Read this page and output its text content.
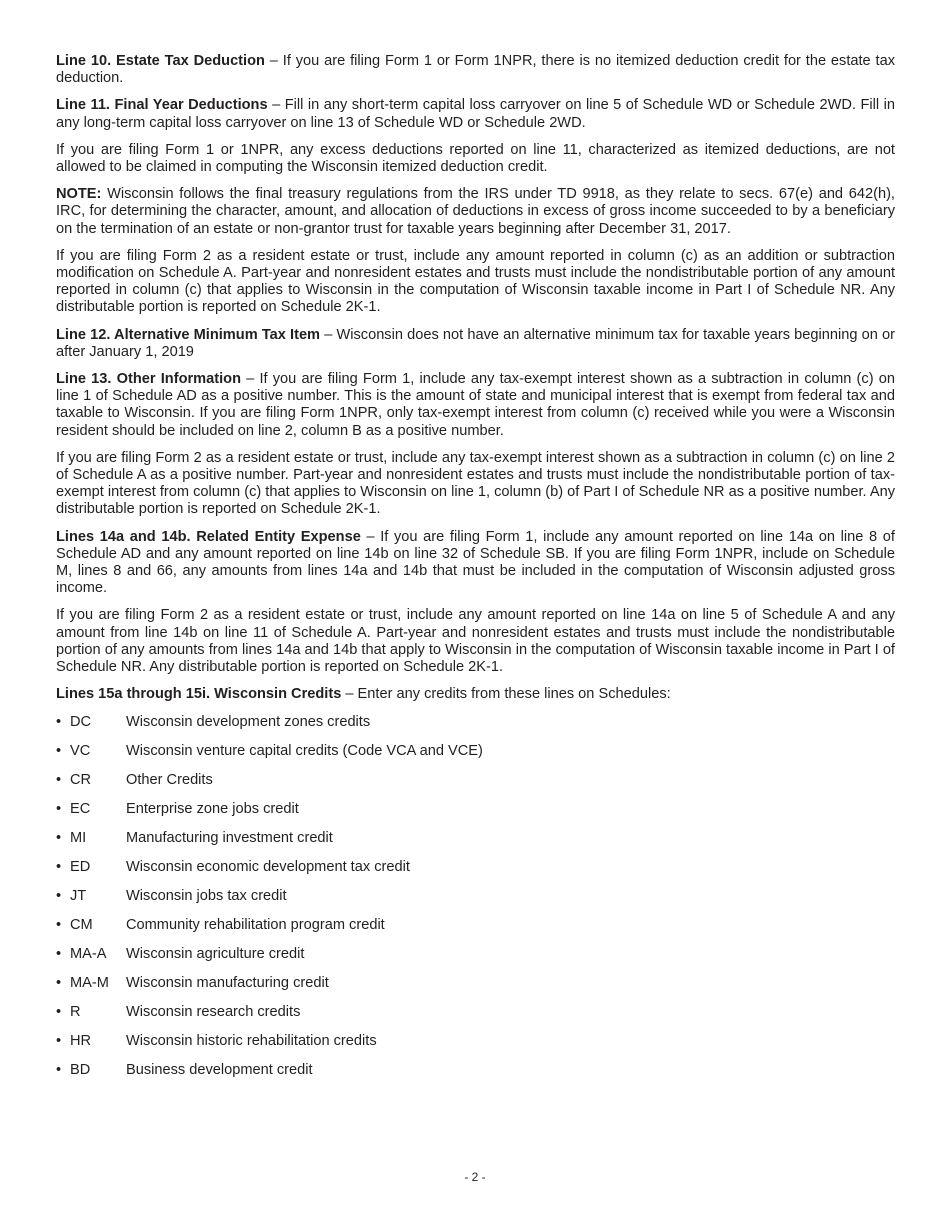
Line 10. Estate Tax Deduction – If you are filing Form 1 or Form 1NPR, there is no itemized deduction credit for the estate tax deduction.

Line 11. Final Year Deductions – Fill in any short-term capital loss carryover on line 5 of Schedule WD or Schedule 2WD. Fill in any long-term capital loss carryover on line 13 of Schedule WD or Schedule 2WD.

If you are filing Form 1 or 1NPR, any excess deductions reported on line 11, characterized as itemized deductions, are not allowed to be claimed in computing the Wisconsin itemized deduction credit.

NOTE: Wisconsin follows the final treasury regulations from the IRS under TD 9918, as they relate to secs. 67(e) and 642(h), IRC, for determining the character, amount, and allocation of deductions in excess of gross income succeeded to by a beneficiary on the termination of an estate or non-grantor trust for taxable years beginning after December 31, 2017.

If you are filing Form 2 as a resident estate or trust, include any amount reported in column (c) as an addition or subtraction modification on Schedule A. Part-year and nonresident estates and trusts must include the nondistributable portion of any amount reported in column (c) that applies to Wisconsin in the computation of Wisconsin taxable income in Part I of Schedule NR. Any distributable portion is reported on Schedule 2K-1.

Line 12. Alternative Minimum Tax Item – Wisconsin does not have an alternative minimum tax for taxable years beginning on or after January 1, 2019

Line 13. Other Information – If you are filing Form 1, include any tax-exempt interest shown as a subtraction in column (c) on line 1 of Schedule AD as a positive number. This is the amount of state and municipal interest that is exempt from federal tax and taxable to Wisconsin. If you are filing Form 1NPR, only tax-exempt interest from column (c) received while you were a Wisconsin resident should be included on line 2, column B as a positive number.

If you are filing Form 2 as a resident estate or trust, include any tax-exempt interest shown as a subtraction in column (c) on line 2 of Schedule A as a positive number. Part-year and nonresident estates and trusts must include the nondistributable portion of tax-exempt interest from column (c) that applies to Wisconsin on line 1, column (b) of Part I of Schedule NR as a positive number. Any distributable portion is reported on Schedule 2K-1.

Lines 14a and 14b. Related Entity Expense – If you are filing Form 1, include any amount reported on line 14a on line 8 of Schedule AD and any amount reported on line 14b on line 32 of Schedule SB. If you are filing Form 1NPR, include on Schedule M, lines 8 and 66, any amounts from lines 14a and 14b that must be included in the computation of Wisconsin adjusted gross income.

If you are filing Form 2 as a resident estate or trust, include any amount reported on line 14a on line 5 of Schedule A and any amount from line 14b on line 11 of Schedule A. Part-year and nonresident estates and trusts must include the nondistributable portion of any amounts from lines 14a and 14b that apply to Wisconsin in the computation of Wisconsin taxable income in Part I of Schedule NR. Any distributable portion is reported on Schedule 2K-1.

Lines 15a through 15i. Wisconsin Credits – Enter any credits from these lines on Schedules:

• DC	Wisconsin development zones credits
• VC	Wisconsin venture capital credits (Code VCA and VCE)
• CR	Other Credits
• EC	Enterprise zone jobs credit
• MI	Manufacturing investment credit
• ED	Wisconsin economic development tax credit
• JT	Wisconsin jobs tax credit
• CM	Community rehabilitation program credit
• MA-A	Wisconsin agriculture credit
• MA-M	Wisconsin manufacturing credit
• R	Wisconsin research credits
• HR	Wisconsin historic rehabilitation credits
• BD	Business development credit
- 2 -
